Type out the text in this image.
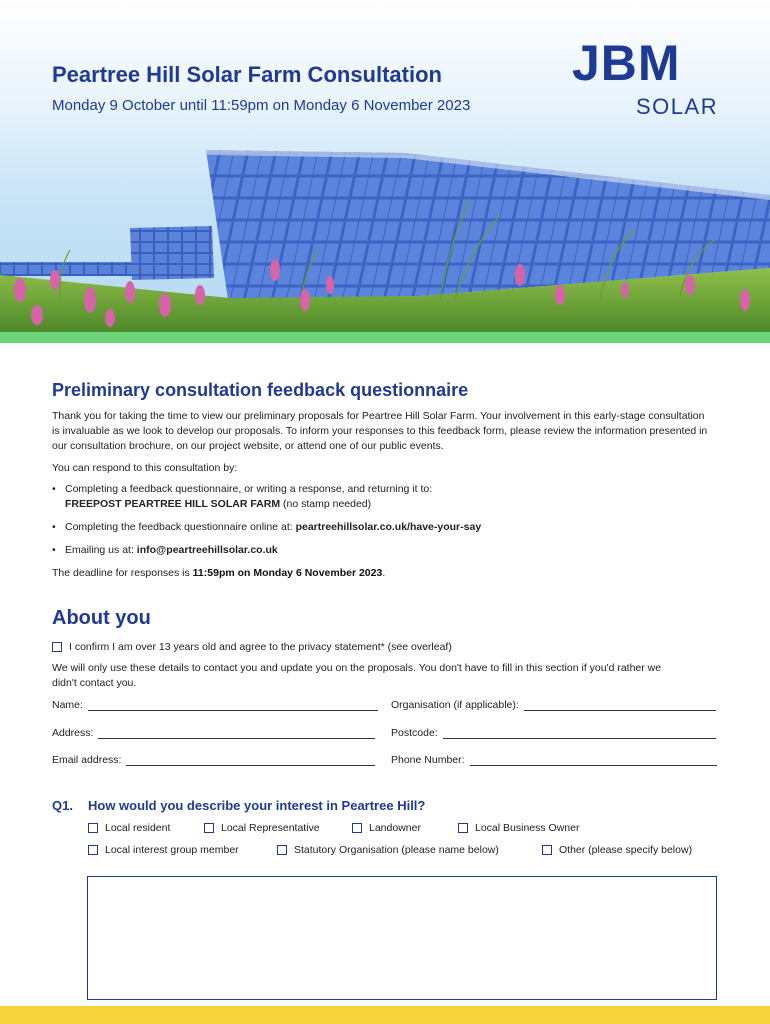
Peartree Hill Solar Farm Consultation
Monday 9 October until 11:59pm on Monday 6 November 2023
JBM
SOLAR
Preliminary consultation feedback questionnaire

Thank you for taking the time to view our preliminary proposals for Peartree Hill Solar Farm. Your involvement in this early-stage consultation is invaluable as we look to develop our proposals. To inform your responses to this feedback form, please review the information presented in our consultation brochure, on our project website, or attend one of our public events.

You can respond to this consultation by:
• Completing a feedback questionnaire, or writing a response, and returning it to:
FREEPOST PEARTREE HILL SOLAR FARM (no stamp needed)
• Completing the feedback questionnaire online at: peartreehillsolar.co.uk/have-your-say
• Emailing us at: info@peartreehillsolar.co.uk
The deadline for responses is 11:59pm on Monday 6 November 2023.
About you
I confirm I am over 13 years old and agree to the privacy statement* (see overleaf)

We will only use these details to contact you and update you on the proposals. You don't have to fill in this section if you'd rather we didn't contact you.

Name:	Organisation (if applicable):
Address:	Postcode:
Email address:	Phone Number:
Q1. How would you describe your interest in Peartree Hill?
Local resident	Local Representative	Landowner	Local Business Owner
Local interest group member	Statutory Organisation (please name below)	Other (please specify below)
